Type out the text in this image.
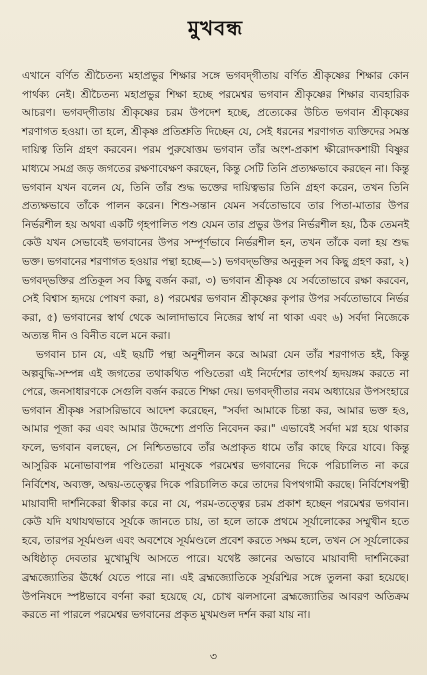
মুখবন্ধ

এখানে বর্ণিত শ্রীচৈতন্য মহাপ্রভুর শিক্ষার সঙ্গে ভগবদ্‌গীতায় বর্ণিত শ্রীকৃষ্ণের শিক্ষার কোন পার্থক্য নেই। শ্রীচৈতন্য মহাপ্রভুর শিক্ষা হচ্ছে পরমেশ্বর ভগবান শ্রীকৃষ্ণের শিক্ষার ব্যবহারিক আচরণ। ভগবদ্‌গীতায় শ্রীকৃষ্ণের চরম উপদেশ হচ্ছে, প্রত্যেকের উচিত ভগবান শ্রীকৃষ্ণের শরণাগত হওয়া। তা হলে, শ্রীকৃষ্ণ প্রতিশ্রুতি দিচ্ছেন যে, সেই ধরনের শরণাগত ব্যক্তিদের সমস্ত দায়িত্ব তিনি গ্রহণ করবেন। পরম পুরুষোত্তম ভগবান তাঁর অংশ-প্রকাশ ক্ষীরোদকশায়ী বিষ্ণুর মাধ্যমে সমগ্র জড় জগতের রক্ষণাবেক্ষণ করছেন, কিন্তু সেটি তিনি প্রত্যক্ষভাবে করছেন না। কিন্তু ভগবান যখন বলেন যে, তিনি তাঁর শুদ্ধ ভক্তের দায়িত্বভার তিনি গ্রহণ করেন, তখন তিনি প্রত্যক্ষভাবে তাঁকে পালন করেন। শিশু-সন্তান যেমন সর্বতোভাবে তার পিতা-মাতার উপর নির্ভরশীল হয় অথবা একটি গৃহপালিত পশু যেমন তার প্রভুর উপর নির্ভরশীল হয়, ঠিক তেমনই কেউ যখন সেভাবেই ভগবানের উপর সম্পূর্ণভাবে নির্ভরশীল হন, তখন তাঁকে বলা হয় শুদ্ধ ভক্ত। ভগবানের শরণাগত হওয়ার পন্থা হচ্ছে—১) ভগবদ্‌ভক্তির অনুকূল সব কিছু গ্রহণ করা, ২) ভগবদ্‌ভক্তির প্রতিকূল সব কিছু বর্জন করা, ৩) ভগবান শ্রীকৃষ্ণ যে সর্বতোভাবে রক্ষা করবেন, সেই বিশ্বাস হৃদয়ে পোষণ করা, ৪) পরমেশ্বর ভগবান শ্রীকৃষ্ণের কৃপার উপর সর্বতোভাবে নির্ভর করা, ৫) ভগবানের স্বার্থ থেকে আলাদাভাবে নিজের স্বার্থ না থাকা এবং ৬) সর্বদা নিজেকে অত্যন্ত দীন ও বিনীত বলে মনে করা।

ভগবান চান যে, এই ছয়টি পন্থা অনুশীলন করে আমরা যেন তাঁর শরণাগত হই, কিন্তু অল্পবুদ্ধি-সম্পন্ন এই জগতের তথাকথিত পণ্ডিতেরা এই নির্দেশের তাৎপর্য হৃদয়ঙ্গম করতে না পেরে, জনসাধারণকে সেগুলি বর্জন করতে শিক্ষা দেয়। ভগবদ্‌গীতার নবম অধ্যায়ের উপসংহারে ভগবান শ্রীকৃষ্ণ সরাসরিভাবে আদেশ করেছেন, "সর্বদা আমাকে চিন্তা কর, আমার ভক্ত হও, আমার পূজা কর এবং আমার উদ্দেশ্যে প্রণতি নিবেদন কর।" এভাবেই সর্বদা মগ্ন হয়ে থাকার ফলে, ভগবান বলছেন, সে নিশ্চিতভাবে তাঁর অপ্রাকৃত ধামে তাঁর কাছে ফিরে যাবে। কিন্তু আসুরিক মনোভাবাপন্ন পণ্ডিতেরা মানুষকে পরমেশ্বর ভগবানের দিকে পরিচালিত না করে নির্বিশেষ, অব্যক্ত, অদ্বয়-তত্ত্বের দিকে পরিচালিত করে তাদের বিপথগামী করছে। নির্বিশেষপন্থী মায়াবাদী দার্শনিকেরা স্বীকার করে না যে, পরম-তত্ত্বের চরম প্রকাশ হচ্ছেন পরমেশ্বর ভগবান। কেউ যদি যথাযথভাবে সূর্যকে জানতে চায়, তা হলে তাকে প্রথমে সূর্যালোকের সম্মুখীন হতে হবে, তারপর সূর্যমণ্ডল এবং অবশেষে সূর্যমণ্ডলে প্রবেশ করতে সক্ষম হলে, তখন সে সূর্যলোকের অধিষ্ঠাতৃ দেবতার মুখোমুখি আসতে পারে। যথেষ্ট জ্ঞানের অভাবে মায়াবাদী দার্শনিকেরা ব্রহ্মজ্যোতির ঊর্ধ্বে যেতে পারে না। এই ব্রহ্মজ্যোতিকে সূর্যরশ্মির সঙ্গে তুলনা করা হয়েছে। উপনিষদে স্পষ্টভাবে বর্ণনা করা হয়েছে যে, চোখ ঝলসানো ব্রহ্মজ্যোতির আবরণ অতিক্রম করতে না পারলে পরমেশ্বর ভগবানের প্রকৃত মুখমণ্ডল দর্শন করা যায় না।

৩
